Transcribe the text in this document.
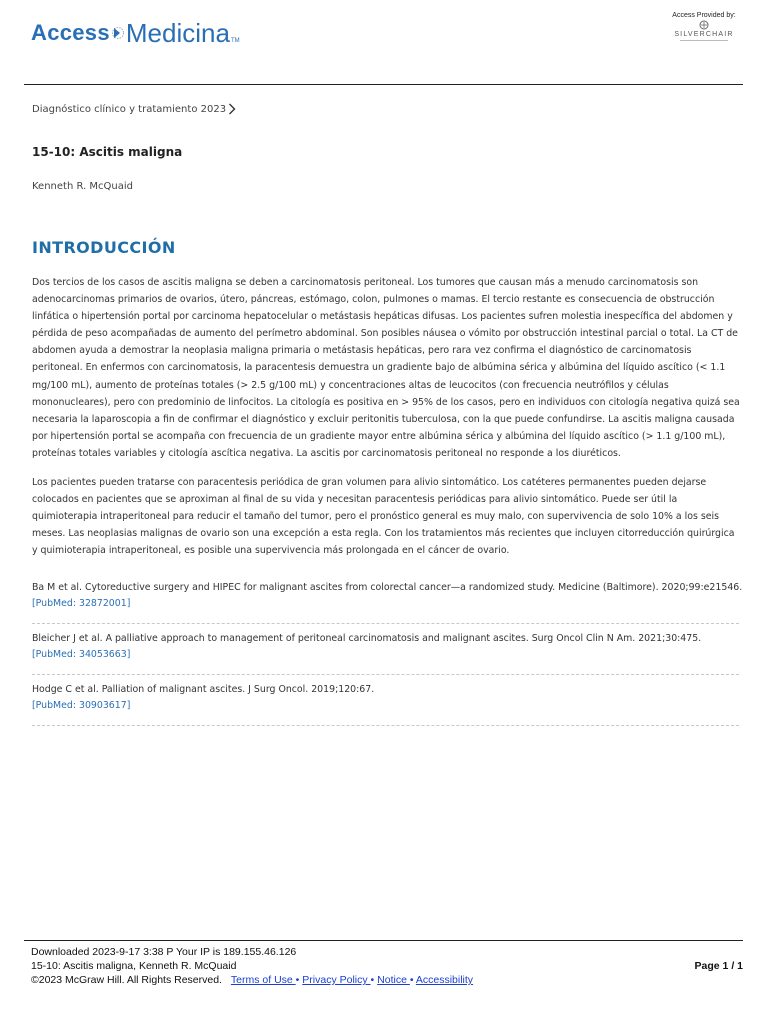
Access Medicina TM
Access Provided by:
SILVERCHAIR
Diagnóstico clínico y tratamiento 2023
15-10: Ascitis maligna
Kenneth R. McQuaid
INTRODUCCIÓN

Dos tercios de los casos de ascitis maligna se deben a carcinomatosis peritoneal. Los tumores que causan más a menudo carcinomatosis son adenocarcinomas primarios de ovarios, útero, páncreas, estómago, colon, pulmones o mamas. El tercio restante es consecuencia de obstrucción linfática o hipertensión portal por carcinoma hepatocelular o metástasis hepáticas difusas. Los pacientes sufren molestia inespecífica del abdomen y pérdida de peso acompañadas de aumento del perímetro abdominal. Son posibles náusea o vómito por obstrucción intestinal parcial o total. La CT de abdomen ayuda a demostrar la neoplasia maligna primaria o metástasis hepáticas, pero rara vez confirma el diagnóstico de carcinomatosis peritoneal. En enfermos con carcinomatosis, la paracentesis demuestra un gradiente bajo de albúmina sérica y albúmina del líquido ascítico (< 1.1 mg/100 mL), aumento de proteínas totales (> 2.5 g/100 mL) y concentraciones altas de leucocitos (con frecuencia neutrófilos y células mononucleares), pero con predominio de linfocitos. La citología es positiva en > 95% de los casos, pero en individuos con citología negativa quizá sea necesaria la laparoscopia a fin de confirmar el diagnóstico y excluir peritonitis tuberculosa, con la que puede confundirse. La ascitis maligna causada por hipertensión portal se acompaña con frecuencia de un gradiente mayor entre albúmina sérica y albúmina del líquido ascítico (> 1.1 g/100 mL), proteínas totales variables y citología ascítica negativa. La ascitis por carcinomatosis peritoneal no responde a los diuréticos.

Los pacientes pueden tratarse con paracentesis periódica de gran volumen para alivio sintomático. Los catéteres permanentes pueden dejarse colocados en pacientes que se aproximan al final de su vida y necesitan paracentesis periódicas para alivio sintomático. Puede ser útil la quimioterapia intraperitoneal para reducir el tamaño del tumor, pero el pronóstico general es muy malo, con supervivencia de solo 10% a los seis meses. Las neoplasias malignas de ovario son una excepción a esta regla. Con los tratamientos más recientes que incluyen citorreducción quirúrgica y quimioterapia intraperitoneal, es posible una supervivencia más prolongada en el cáncer de ovario.

Ba M et al. Cytoreductive surgery and HIPEC for malignant ascites from colorectal cancer—a randomized study. Medicine (Baltimore). 2020;99:e21546.
[PubMed: 32872001]
Bleicher J et al. A palliative approach to management of peritoneal carcinomatosis and malignant ascites. Surg Oncol Clin N Am. 2021;30:475.
[PubMed: 34053663]
Hodge C et al. Palliation of malignant ascites. J Surg Oncol. 2019;120:67.
[PubMed: 30903617]
Downloaded 2023-9-17 3:38 P Your IP is 189.155.46.126
15-10: Ascitis maligna, Kenneth R. McQuaid
©2023 McGraw Hill. All Rights Reserved. Terms of Use • Privacy Policy • Notice • Accessibility
Page 1 / 1
